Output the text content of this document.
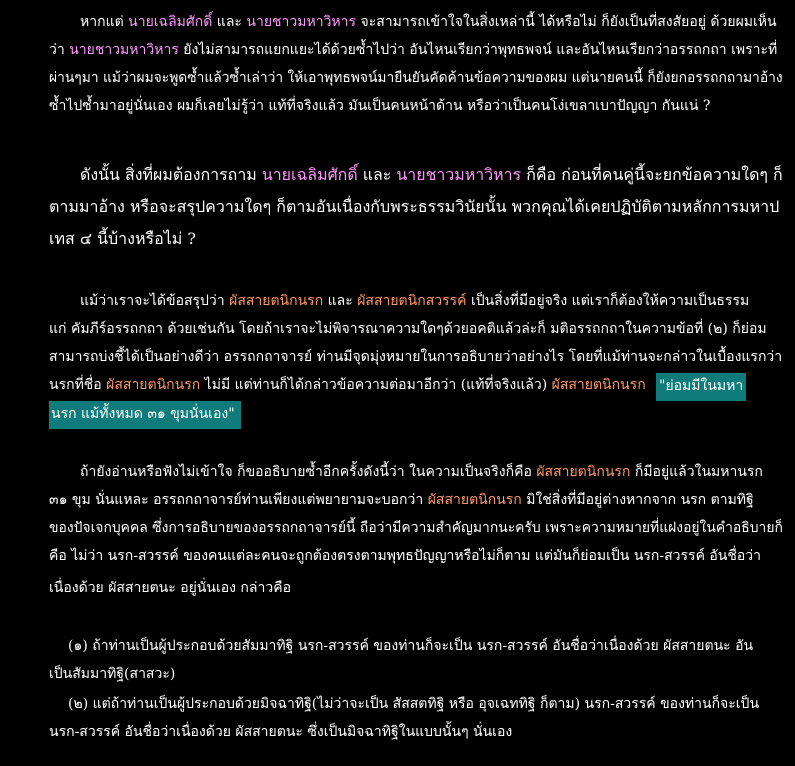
หากแต่ นายเฉลิมศักดิ์ และ นายชาวมหาวิหาร จะสามารถเข้าใจในสิ่งเหล่านี้ ได้หรือไม่ ก็ยังเป็นที่สงสัยอยู่ ด้วยผมเห็น
ว่า นายชาวมหาวิหาร ยังไม่สามารถแยกแยะได้ด้วยซ้ำไปว่า อันไหนเรียกว่าพุทธพจน์ และอันไหนเรียกว่าอรรถกถา เพราะที่
ผ่านๆมา แม้ว่าผมจะพูดซ้ำแล้วซ้ำเล่าว่า ให้เอาพุทธพจน์มายืนยันคัดค้านข้อความของผม แต่นายคนนี้ ก็ยังยกอรรถกถามาอ้าง
ซ้ำไปซ้ำมาอยู่นั่นเอง ผมก็เลยไม่รู้ว่า แท้ที่จริงแล้ว มันเป็นคนหน้าด้าน หรือว่าเป็นคนโง่เขลาเบาปัญญา กันแน่ ?
ดังนั้น สิ่งที่ผมต้องการถาม นายเฉลิมศักดิ์ และ นายชาวมหาวิหาร ก็คือ ก่อนที่คนคู่นี้จะยกข้อความใดๆ ก็
ตามมาอ้าง หรือจะสรุปความใดๆ ก็ตามอันเนื่องกับพระธรรมวินัยนั้น พวกคุณได้เคยปฏิบัติตามหลักการมหาป
เทส ๔ นี้บ้างหรือไม่ ?
แม้ว่าเราจะได้ข้อสรุปว่า ผัสสายตนิกนรก และ ผัสสายตนิกสวรรค์ เป็นสิ่งที่มีอยู่จริง แต่เราก็ต้องให้ความเป็นธรรม
แก่ คัมภีร์อรรถกถา ด้วยเช่นกัน โดยถ้าเราจะไม่พิจารณาความใดๆด้วยอคติแล้วล่ะก็ มติอรรถกถาในความข้อที่ (๒) ก็ย่อม
สามารถบ่งชี้ได้เป็นอย่างดีว่า อรรถกถาจารย์ ท่านมีจุดมุ่งหมายในการอธิบายว่าอย่างไร โดยที่แม้ท่านจะกล่าวในเบื้องแรกว่า
นรกที่ชื่อ ผัสสายตนิกนรก ไม่มี แต่ท่านก็ได้กล่าวข้อความต่อมาอีกว่า (แท้ที่จริงแล้ว) ผัสสายตนิกนรก "ย่อมมีในมหา
นรก แม้ทั้งหมด ๓๑ ขุมนั่นเอง"
ถ้ายังอ่านหรือฟังไม่เข้าใจ ก็ขออธิบายซ้ำอีกครั้งดังนี้ว่า ในความเป็นจริงก็คือ ผัสสายตนิกนรก ก็มีอยู่แล้วในมหานรก
๓๑ ขุม นั่นแหละ อรรถกถาจารย์ท่านเพียงแต่พยายามจะบอกว่า ผัสสายตนิกนรก มิใช่สิ่งที่มีอยู่ต่างหากจาก นรก ตามทิฐิ
ของปัจเจกบุคคล ซึ่งการอธิบายของอรรถกถาจารย์นี้ ถือว่ามีความสำคัญมากนะครับ เพราะความหมายที่แฝงอยู่ในคำอธิบายก็
คือ ไม่ว่า นรก-สวรรค์ ของคนแต่ละคนจะถูกต้องตรงตามพุทธปัญญาหรือไม่ก็ตาม แต่มันก็ย่อมเป็น นรก-สวรรค์ อันชื่อว่า
เนื่องด้วย ผัสสายตนะ อยู่นั่นเอง กล่าวคือ
(๑) ถ้าท่านเป็นผู้ประกอบด้วยสัมมาทิฐิ นรก-สวรรค์ ของท่านก็จะเป็น นรก-สวรรค์ อันชื่อว่าเนื่องด้วย ผัสสายตนะ อัน
เป็นสัมมาทิฐิ(สาสวะ)
(๒) แต่ถ้าท่านเป็นผู้ประกอบด้วยมิจฉาทิฐิ(ไม่ว่าจะเป็น สัสสตทิฐิ หรือ อุจเฉททิฐิ ก็ตาม) นรก-สวรรค์ ของท่านก็จะเป็น
นรก-สวรรค์ อันชื่อว่าเนื่องด้วย ผัสสายตนะ ซึ่งเป็นมิจฉาทิฐิในแบบนั้นๆ นั่นเอง
